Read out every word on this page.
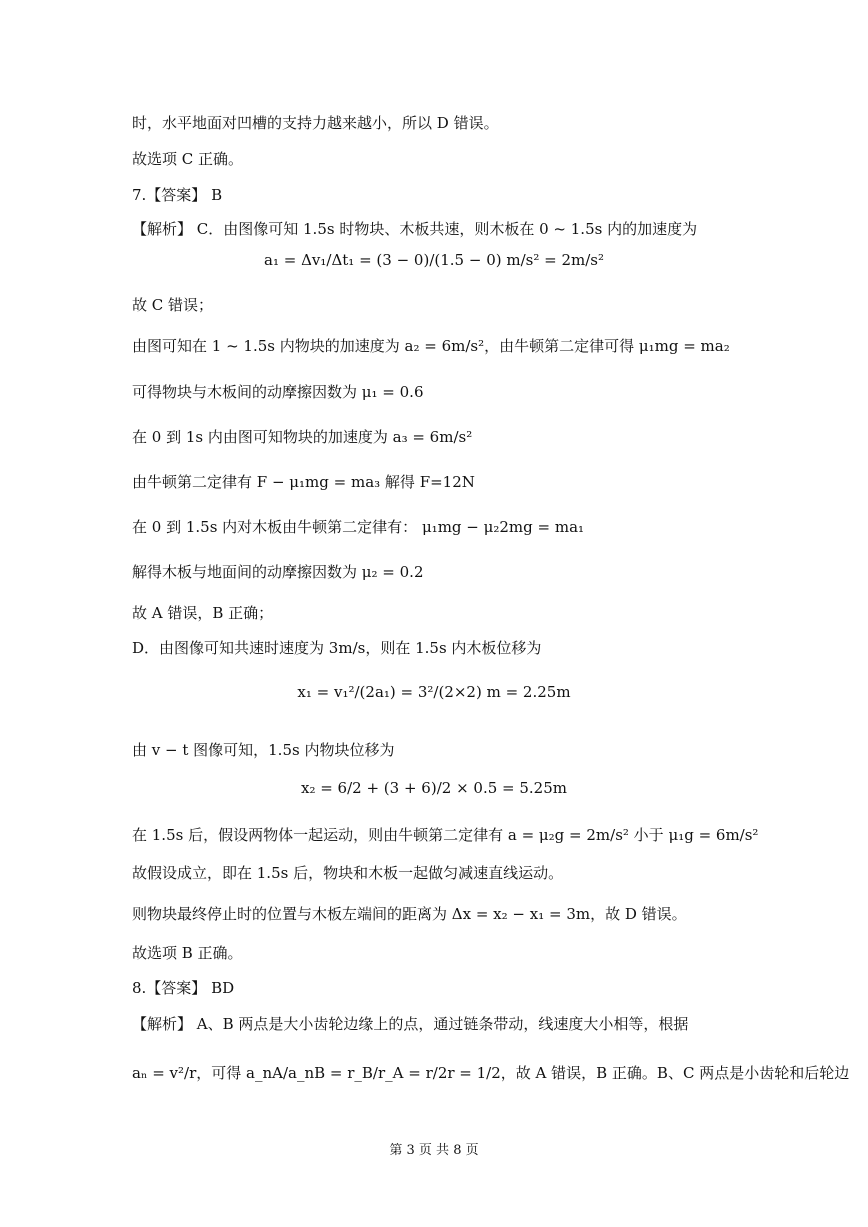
时，水平地面对凹槽的支持力越来越小，所以 D 错误。
故选项 C 正确。
7.【答案】 B
【解析】 C．由图像可知 1.5s 时物块、木板共速，则木板在 0 ~ 1.5s 内的加速度为
a₁ = Δv₁/Δt₁ = (3 − 0)/(1.5 − 0) m/s² = 2m/s²
故 C 错误；
由图可知在 1 ~ 1.5s 内物块的加速度为 a₂ = 6m/s²，由牛顿第二定律可得 μ₁mg = ma₂
可得物块与木板间的动摩擦因数为 μ₁ = 0.6
在 0 到 1s 内由图可知物块的加速度为 a₃ = 6m/s²
由牛顿第二定律有 F − μ₁mg = ma₃ 解得 F=12N
在 0 到 1.5s 内对木板由牛顿第二定律有： μ₁mg − μ₂2mg = ma₁
解得木板与地面间的动摩擦因数为 μ₂ = 0.2
故 A 错误，B 正确；
D．由图像可知共速时速度为 3m/s，则在 1.5s 内木板位移为
x₁ = v₁²/(2a₁) = 3²/(2×2) m = 2.25m
由 v − t 图像可知，1.5s 内物块位移为
x₂ = 6/2 + (3 + 6)/2 × 0.5 = 5.25m
在 1.5s 后，假设两物体一起运动，则由牛顿第二定律有 a = μ₂g = 2m/s² 小于 μ₁g = 6m/s²
故假设成立，即在 1.5s 后，物块和木板一起做匀减速直线运动。
则物块最终停止时的位置与木板左端间的距离为 Δx = x₂ − x₁ = 3m，故 D 错误。
故选项 B 正确。
8.【答案】 BD
【解析】 A、B 两点是大小齿轮边缘上的点，通过链条带动，线速度大小相等，根据
aₙ = v²/r，可得 a_nA/a_nB = r_B/r_A = r/2r = 1/2，故 A 错误，B 正确。B、C 两点是小齿轮和后轮边
第 3 页 共 8 页
